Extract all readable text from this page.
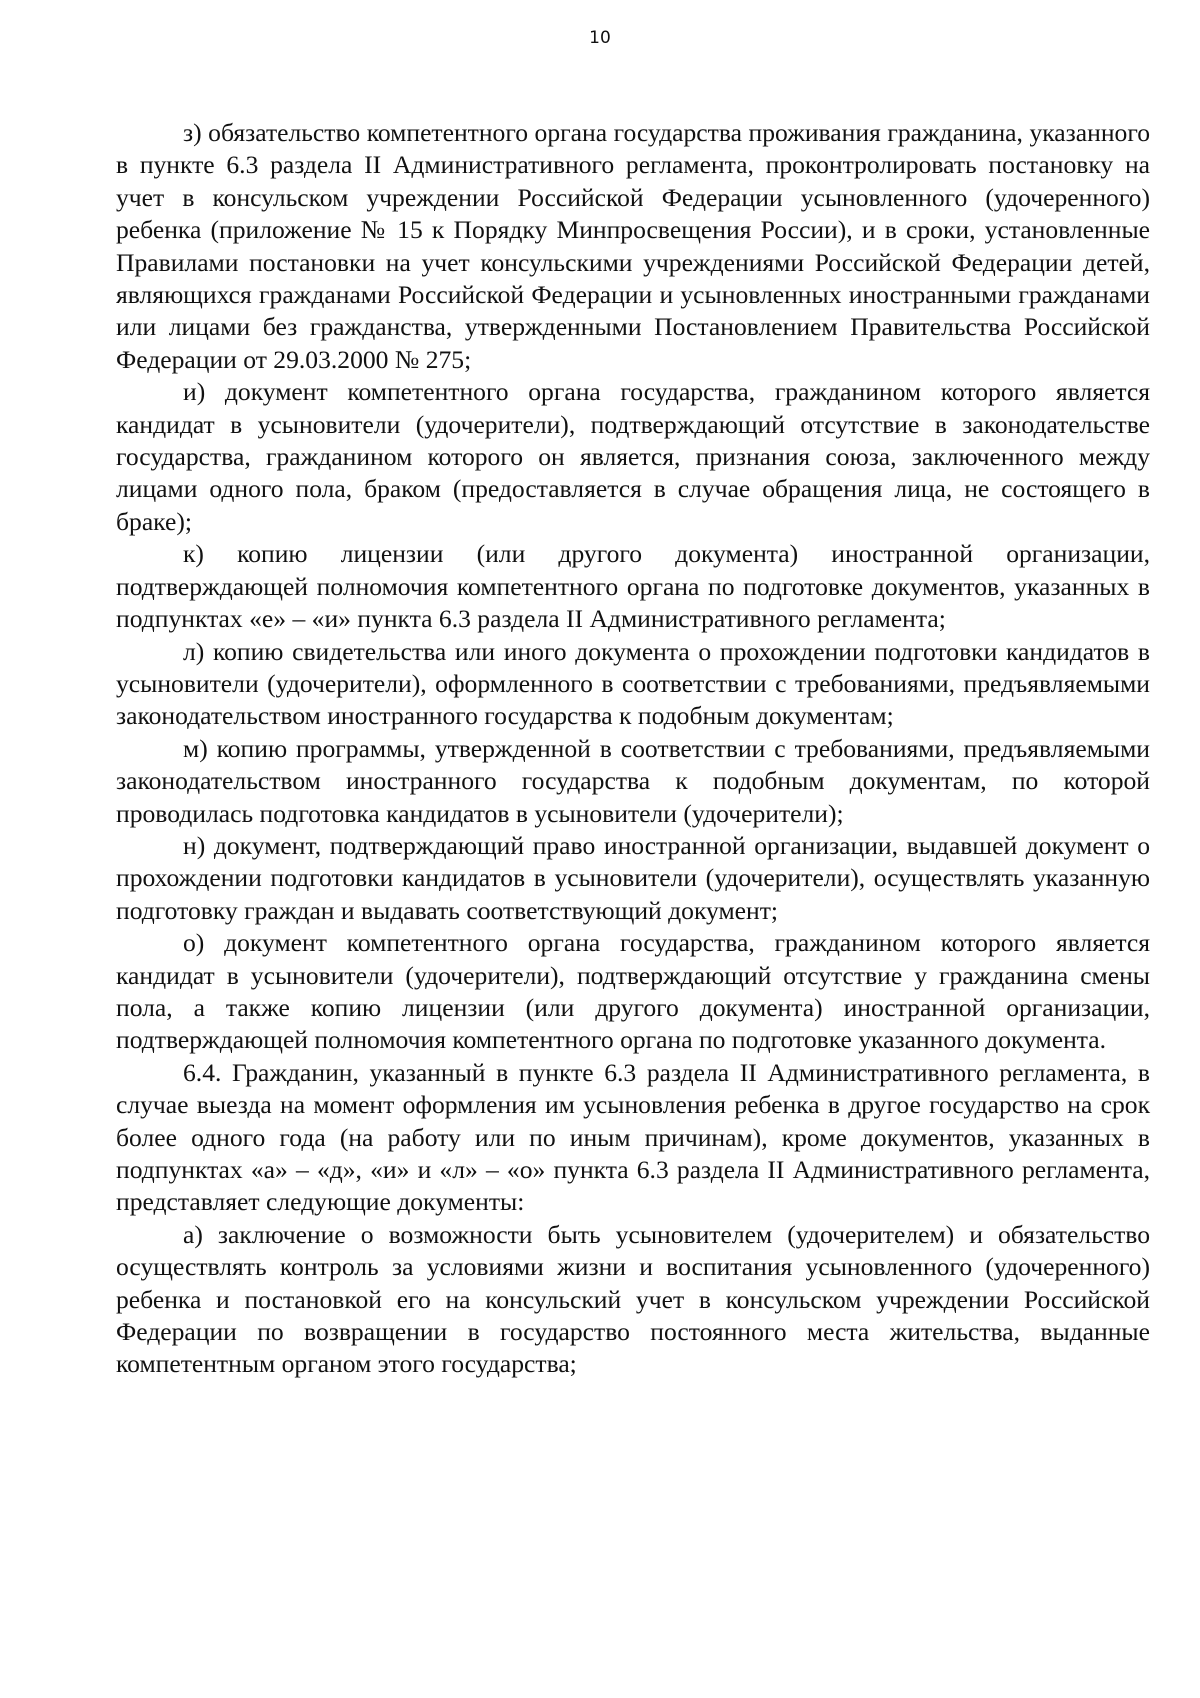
10

з) обязательство компетентного органа государства проживания гражданина, указанного в пункте 6.3 раздела II Административного регламента, проконтролировать постановку на учет в консульском учреждении Российской Федерации усыновленного (удочеренного) ребенка (приложение № 15 к Порядку Минпросвещения России), и в сроки, установленные Правилами постановки на учет консульскими учреждениями Российской Федерации детей, являющихся гражданами Российской Федерации и усыновленных иностранными гражданами или лицами без гражданства, утвержденными Постановлением Правительства Российской Федерации от 29.03.2000 № 275;

и) документ компетентного органа государства, гражданином которого является кандидат в усыновители (удочерители), подтверждающий отсутствие в законодательстве государства, гражданином которого он является, признания союза, заключенного между лицами одного пола, браком (предоставляется в случае обращения лица, не состоящего в браке);

к) копию лицензии (или другого документа) иностранной организации, подтверждающей полномочия компетентного органа по подготовке документов, указанных в подпунктах «е» – «и» пункта 6.3 раздела II Административного регламента;

л) копию свидетельства или иного документа о прохождении подготовки кандидатов в усыновители (удочерители), оформленного в соответствии с требованиями, предъявляемыми законодательством иностранного государства к подобным документам;

м) копию программы, утвержденной в соответствии с требованиями, предъявляемыми законодательством иностранного государства к подобным документам, по которой проводилась подготовка кандидатов в усыновители (удочерители);

н) документ, подтверждающий право иностранной организации, выдавшей документ о прохождении подготовки кандидатов в усыновители (удочерители), осуществлять указанную подготовку граждан и выдавать соответствующий документ;

о) документ компетентного органа государства, гражданином которого является кандидат в усыновители (удочерители), подтверждающий отсутствие у гражданина смены пола, а также копию лицензии (или другого документа) иностранной организации, подтверждающей полномочия компетентного органа по подготовке указанного документа.

6.4. Гражданин, указанный в пункте 6.3 раздела II Административного регламента, в случае выезда на момент оформления им усыновления ребенка в другое государство на срок более одного года (на работу или по иным причинам), кроме документов, указанных в подпунктах «а» – «д», «и» и «л» – «о» пункта 6.3 раздела II Административного регламента, представляет следующие документы:

а) заключение о возможности быть усыновителем (удочерителем) и обязательство осуществлять контроль за условиями жизни и воспитания усыновленного (удочеренного) ребенка и постановкой его на консульский учет в консульском учреждении Российской Федерации по возвращении в государство постоянного места жительства, выданные компетентным органом этого государства;
